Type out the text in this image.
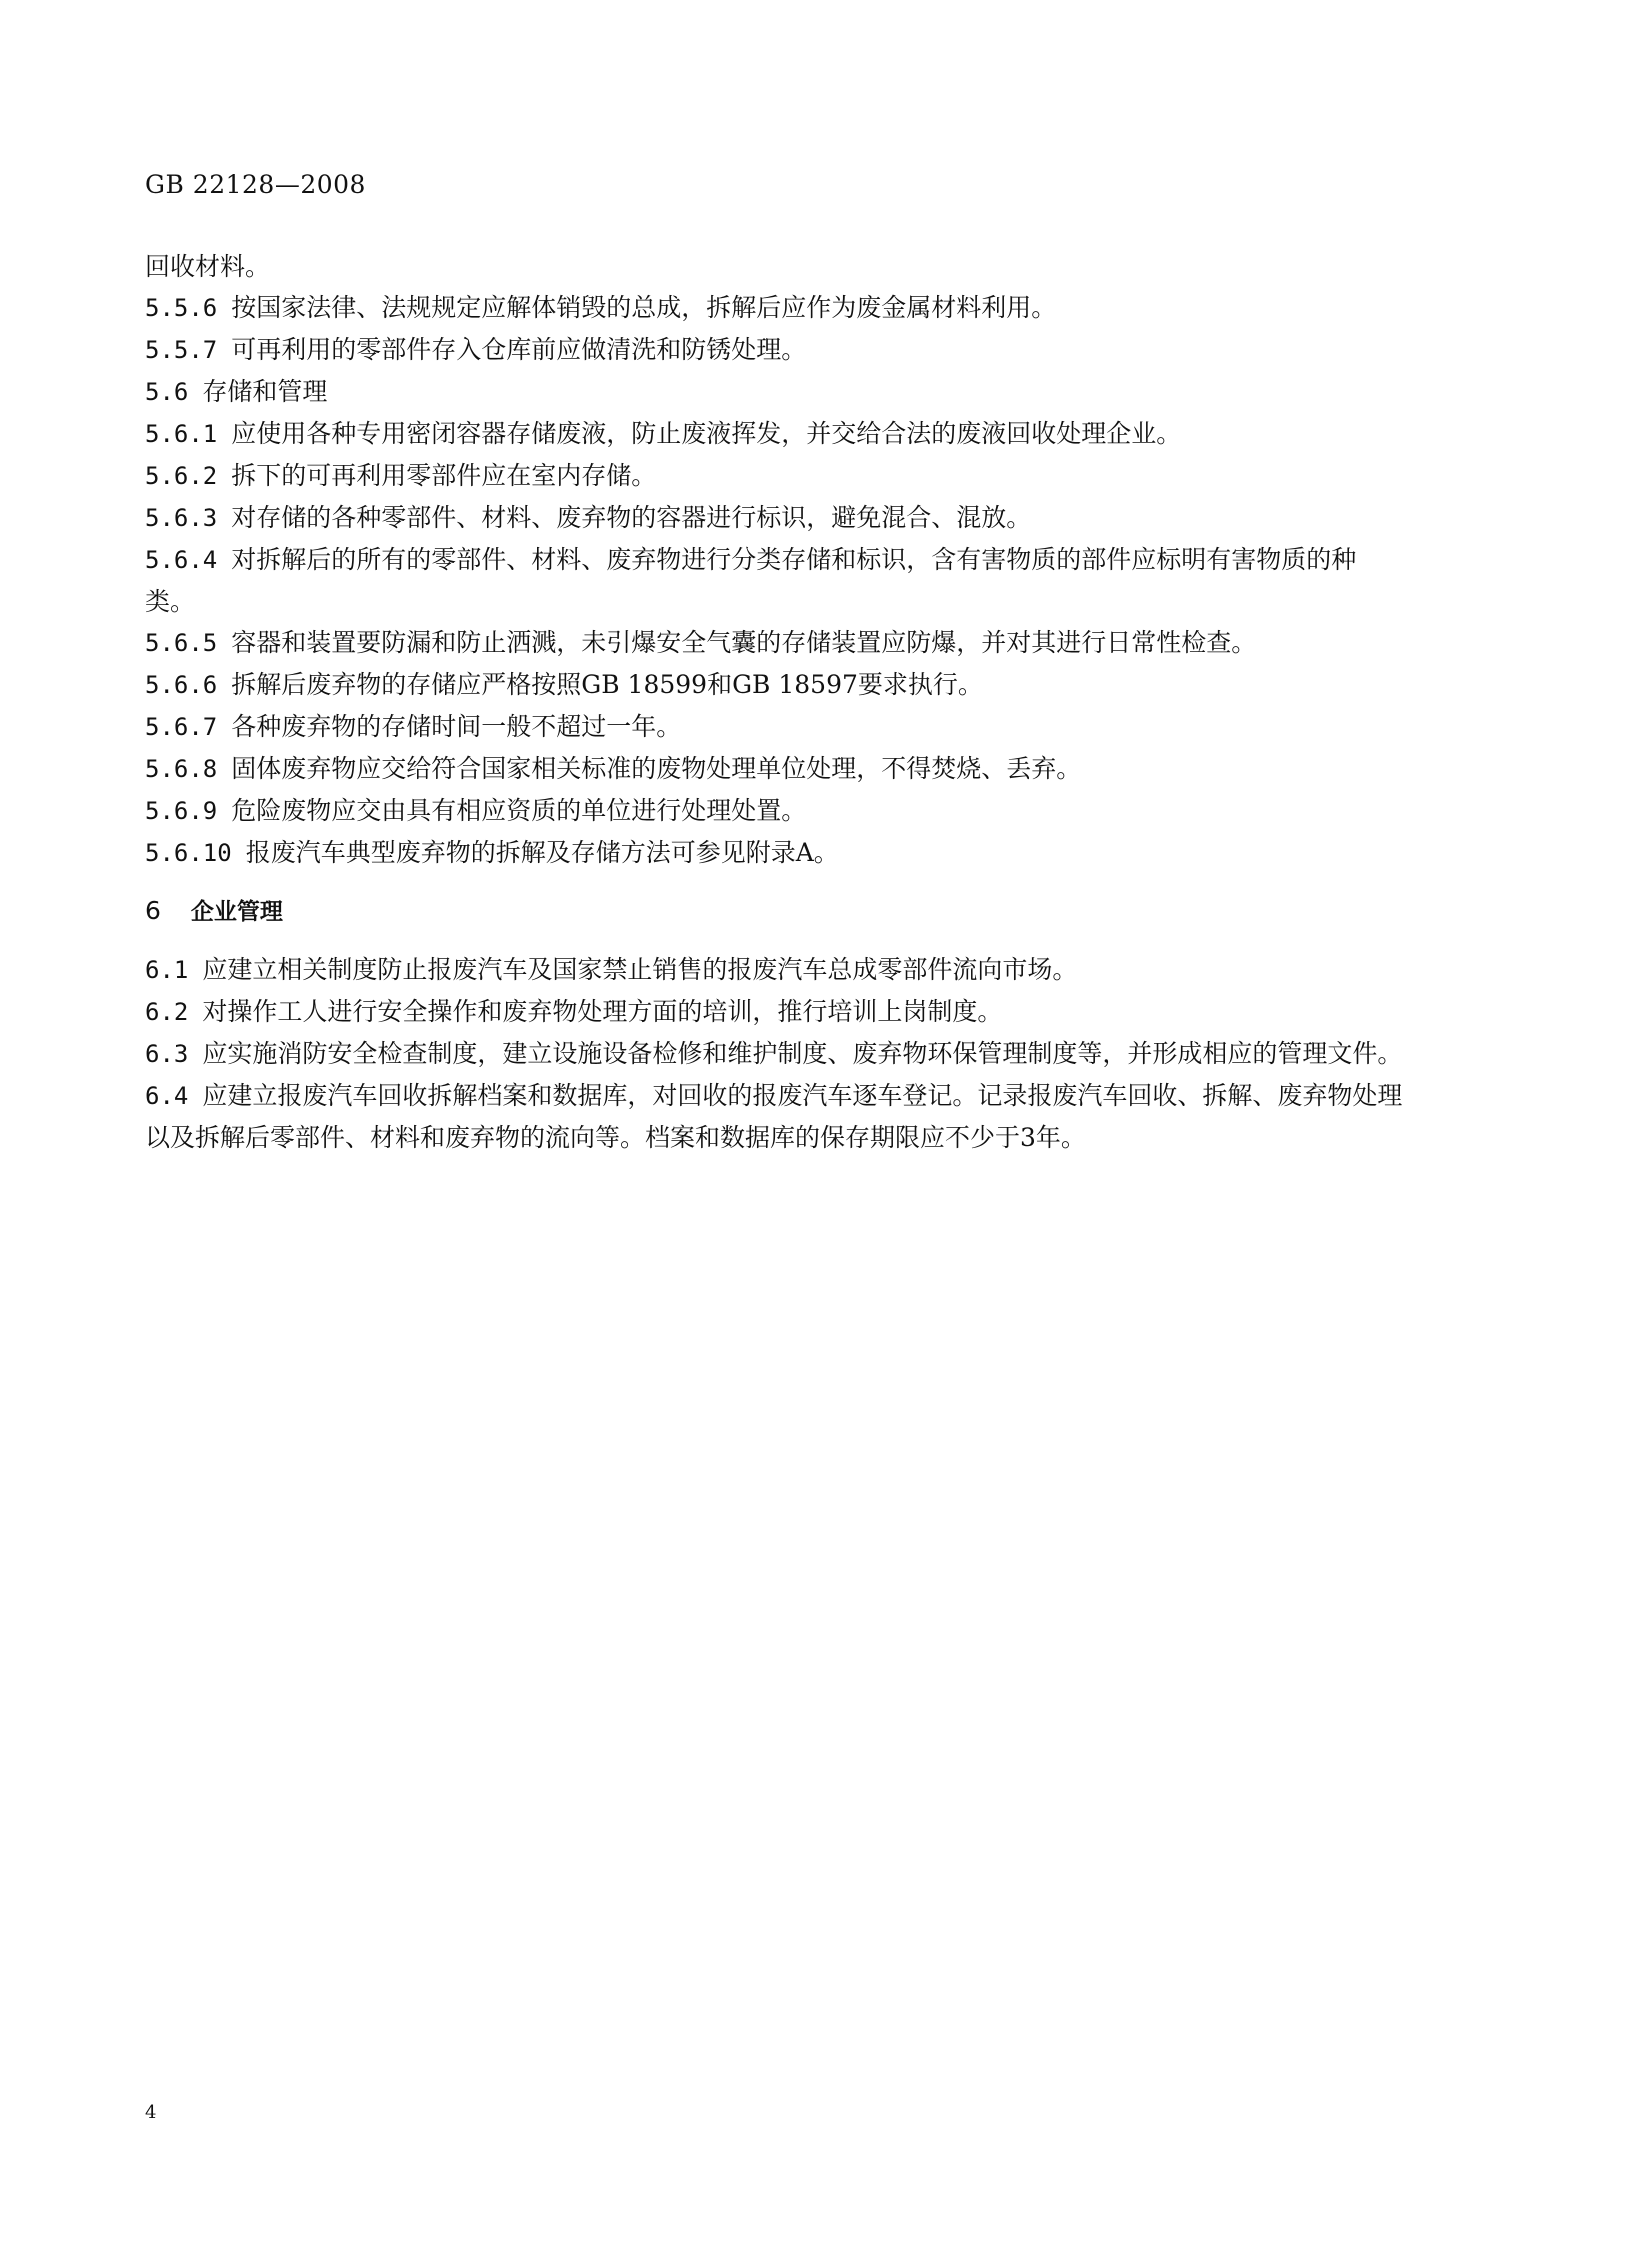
GB 22128—2008

回收材料。

5.5.6 按国家法律、法规规定应解体销毁的总成，拆解后应作为废金属材料利用。

5.5.7 可再利用的零部件存入仓库前应做清洗和防锈处理。

5.6 存储和管理

5.6.1 应使用各种专用密闭容器存储废液，防止废液挥发，并交给合法的废液回收处理企业。

5.6.2 拆下的可再利用零部件应在室内存储。

5.6.3 对存储的各种零部件、材料、废弃物的容器进行标识，避免混合、混放。

5.6.4 对拆解后的所有的零部件、材料、废弃物进行分类存储和标识，含有害物质的部件应标明有害物质的种类。

5.6.5 容器和装置要防漏和防止洒溅，未引爆安全气囊的存储装置应防爆，并对其进行日常性检查。

5.6.6 拆解后废弃物的存储应严格按照GB 18599和GB 18597要求执行。

5.6.7 各种废弃物的存储时间一般不超过一年。

5.6.8 固体废弃物应交给符合国家相关标准的废物处理单位处理，不得焚烧、丢弃。

5.6.9 危险废物应交由具有相应资质的单位进行处理处置。

5.6.10 报废汽车典型废弃物的拆解及存储方法可参见附录A。

6 企业管理

6.1 应建立相关制度防止报废汽车及国家禁止销售的报废汽车总成零部件流向市场。

6.2 对操作工人进行安全操作和废弃物处理方面的培训，推行培训上岗制度。

6.3 应实施消防安全检查制度，建立设施设备检修和维护制度、废弃物环保管理制度等，并形成相应的管理文件。

6.4 应建立报废汽车回收拆解档案和数据库，对回收的报废汽车逐车登记。记录报废汽车回收、拆解、废弃物处理以及拆解后零部件、材料和废弃物的流向等。档案和数据库的保存期限应不少于3年。

4
